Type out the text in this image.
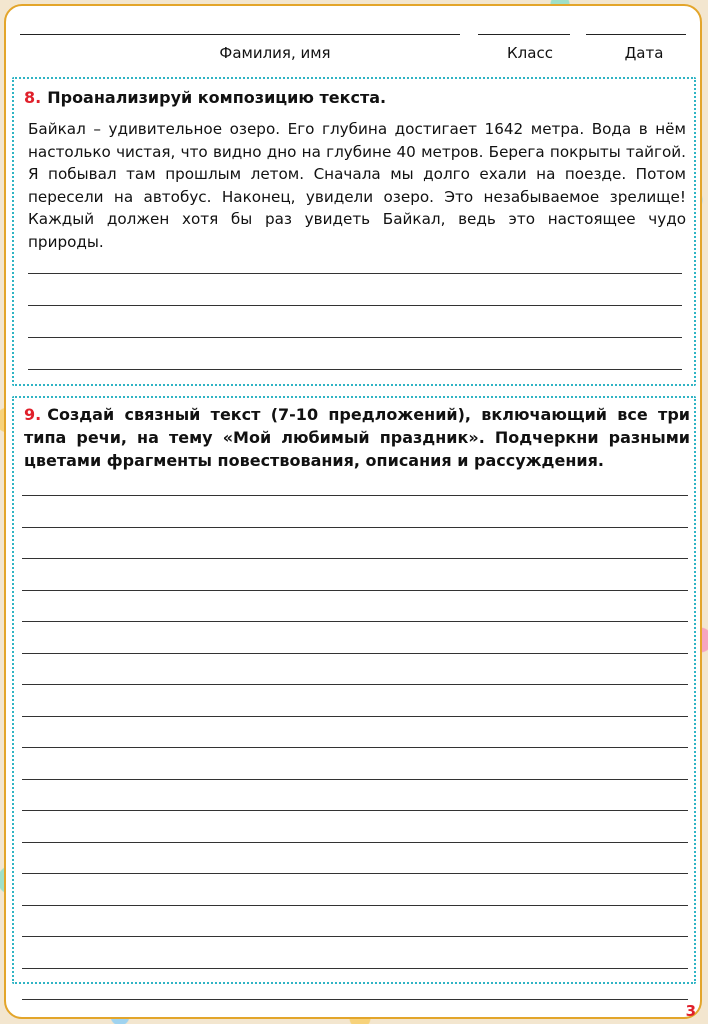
Фамилия, имя	Класс	Дата
8. Проанализируй композицию текста.
Байкал – удивительное озеро. Его глубина достигает 1642 метра. Вода в нём настолько чистая, что видно дно на глубине 40 метров. Берега покрыты тайгой. Я побывал там прошлым летом. Сначала мы долго ехали на поезде. Потом пересели на автобус. Наконец, увидели озеро. Это незабываемое зрелище! Каждый должен хотя бы раз увидеть Байкал, ведь это настоящее чудо природы.
9. Создай связный текст (7-10 предложений), включающий все три типа речи, на тему «Мой любимый праздник». Подчеркни разными цветами фрагменты повествования, описания и рассуждения.
3
